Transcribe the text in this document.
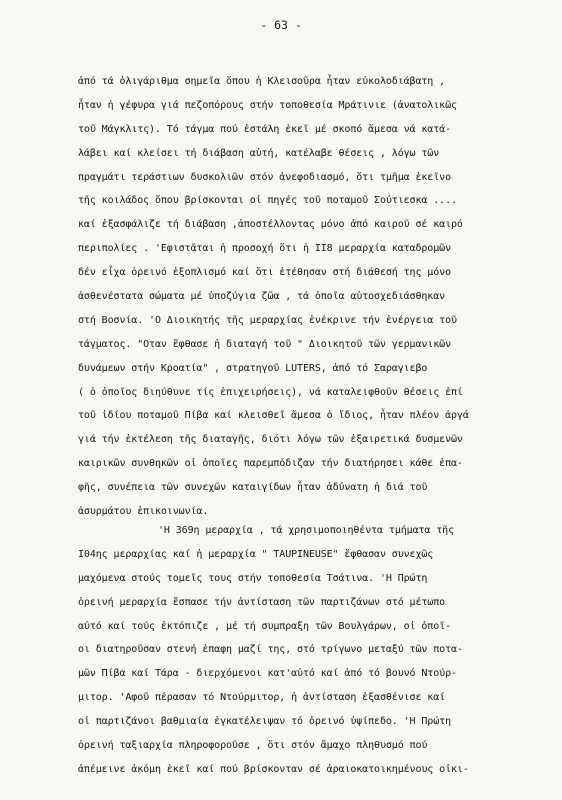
- 63 -
ἀπό τά ὀλιγάριθμα σημεῖα ὅπου ἡ Κλεισοῦρα ἦταν εὐκολοδιάβατη ,
ἦταν ἡ γέφυρα γιά πεζοπόρους στήν τοποθεσία Μράτινιε (ἀνατολικῶς
τοῦ Μάγκλιτς). Τό τάγμα πού ἐστάλη ἐκεῖ μέ σκοπό ἄμεσα νά κατά-
λάβει καί κλείσει τή διάβαση αὐτή, κατέλαβε θέσεις , λόγω τῶν
πραγμάτι τεράστιων δυσκολιῶν στόν ἀνεφοδιασμό, ὅτι τμῆμα ἐκεῖνο
τῆς κοιλάδος ὅπου βρίσκονται οἱ πηγές τοῦ ποταμοῦ Σούτιεσκα ....
καί ἐξασφάλιζε τή διάβαση ,ἀποστέλλοντας μόνο ἀπό καιροῦ σέ καιρό
περιπολίες . 'Εφιστᾶται ἡ προσοχή ὅτι ἡ ΙΙ8 μεραρχία καταδρομῶν
δέν εἶχα ὀρεινό ἐξοπλισμό καί ὅτι ἐτέθησαν στή διάθεσή της μόνο
ἀσθενέστατα σώματα μέ ὑποζύγια ζῶα , τά ὁποῖα αὐτοσχεδιάσθηκαν
στή Βοσνία. 'Ο Διοικητής τῆς μεραρχίας ἐνέκρινε τήν ἐνέργεια τοῦ
τάγματος. "Οταν ἔφθασε ἡ διαταγή τοῦ " Διοικητοῦ τῶν γερμανικῶν
δυνάμεων στήν Κροατία" , στρατηγοῦ LUTERS, ἀπό τό Σαραγιεβο
( ὁ ὁποῖος διηύθυνε τίς ἐπιχειρήσεις), νά καταλειφθοῦν θέσεις ἐπί
τοῦ ἰδίου ποταμοῦ Πίβα καί κλεισθεῖ ἄμεσα ὁ ἴδιος, ἦταν πλέον ἀργά
γιά τήν ἐκτέλεση τῆς διαταγῆς, διότι λόγω τῶν ἐξαιρετικά δυσμενῶν
καιρικῶν συνθηκῶν οἱ ὁποῖες παρεμπόδιζαν τήν διατήρησει κάθε ἐπα-
φῆς, συνέπεια τῶν συνεχῶν καταιγίδων ἦταν ἀδύνατη ἡ διά τοῦ
ἀσυρμάτου ἐπικοινωνία.
'Η 369η μεραρχία , τά χρησιμοποιηθέντα τμήματα τῆς
Ι04ης μεραρχίας καί ἡ μεραρχία " TAUPINEUSE" ἔφθασαν συνεχῶς
μαχόμενα στούς τομεῖς τους στήν τοποθεσία Τσάτινα. 'Η Πρώτη
ὀρεινή μεραρχία ἔσπασε τήν ἀντίσταση τῶν παρτιζάνων στό μέτωπο
αὐτό καί τούς ἐκτόπιζε , μέ τή συμπραξη τῶν Βουλγάρων, οἱ ὁποῖ-
οι διατηροῦσαν στενή ἐπαφη μαζί της, στό τρίγωνο μεταξύ τῶν ποτα-
μῶν Πίβα καί Τάρα - διερχόμενοι κατ'αὐτό καί ἀπό τό βουνό Ντούρ-
μιτορ. 'Αφοῦ πέρασαν τό Ντούρμιτορ, ἡ ἀντίσταση ἐξασθένισε καί
οἱ παρτιζάνοι βαθμιαία ἐγκατέλειψαν τό ὀρεινό ὑψίπεδο. 'Η Πρώτη
ὀρεινή ταξιαρχία πληροφοροῦσε , ὅτι στόν ἄμαχο πληθυσμό πού
ἀπέμεινε ἀκόμη ἐκεῖ καί πού βρίσκονταν σέ ἀραιοκατοικημένους οἰκι-
